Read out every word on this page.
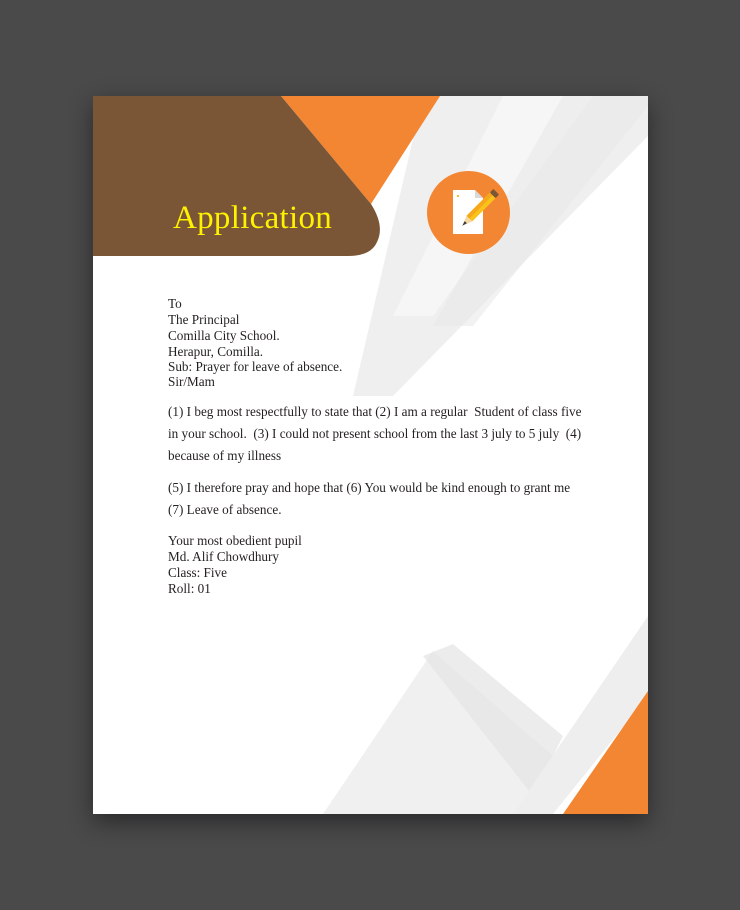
Application
To
The Principal
Comilla City School.
Herapur, Comilla.
Sub: Prayer for leave of absence.
Sir/Mam
(1) I beg most respectfully to state that (2) I am a regular  Student of class five in your school.  (3) I could not present school from the last 3 july to 5 july  (4) because of my illness
(5) I therefore pray and hope that (6) You would be kind enough to grant me (7) Leave of absence.
Your most obedient pupil
Md. Alif Chowdhury
Class: Five
Roll: 01
